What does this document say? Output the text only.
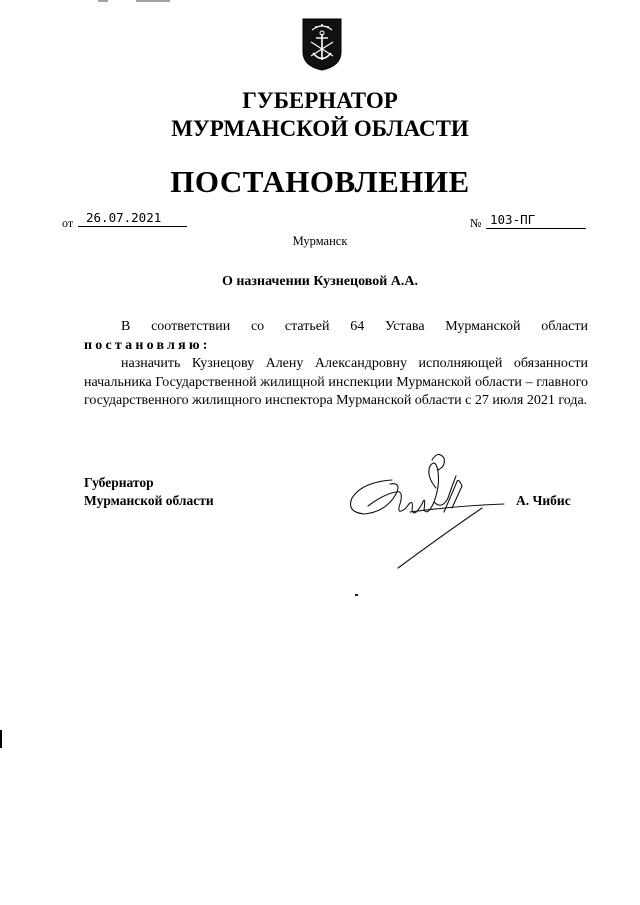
ГУБЕРНАТОР
МУРМАНСКОЙ ОБЛАСТИ
ПОСТАНОВЛЕНИЕ
от	26.07.2021	№ 103-ПГ
Мурманск
О назначении Кузнецовой А.А.

В соответствии со статьей 64 Устава Мурманской области

постановляю:

назначить Кузнецову Алену Александровну исполняющей обязанности начальника Государственной жилищной инспекции Мурманской области – главного государственного жилищного инспектора Мурманской области с 27 июля 2021 года.

Губернатор
Мурманской области	А. Чибис
